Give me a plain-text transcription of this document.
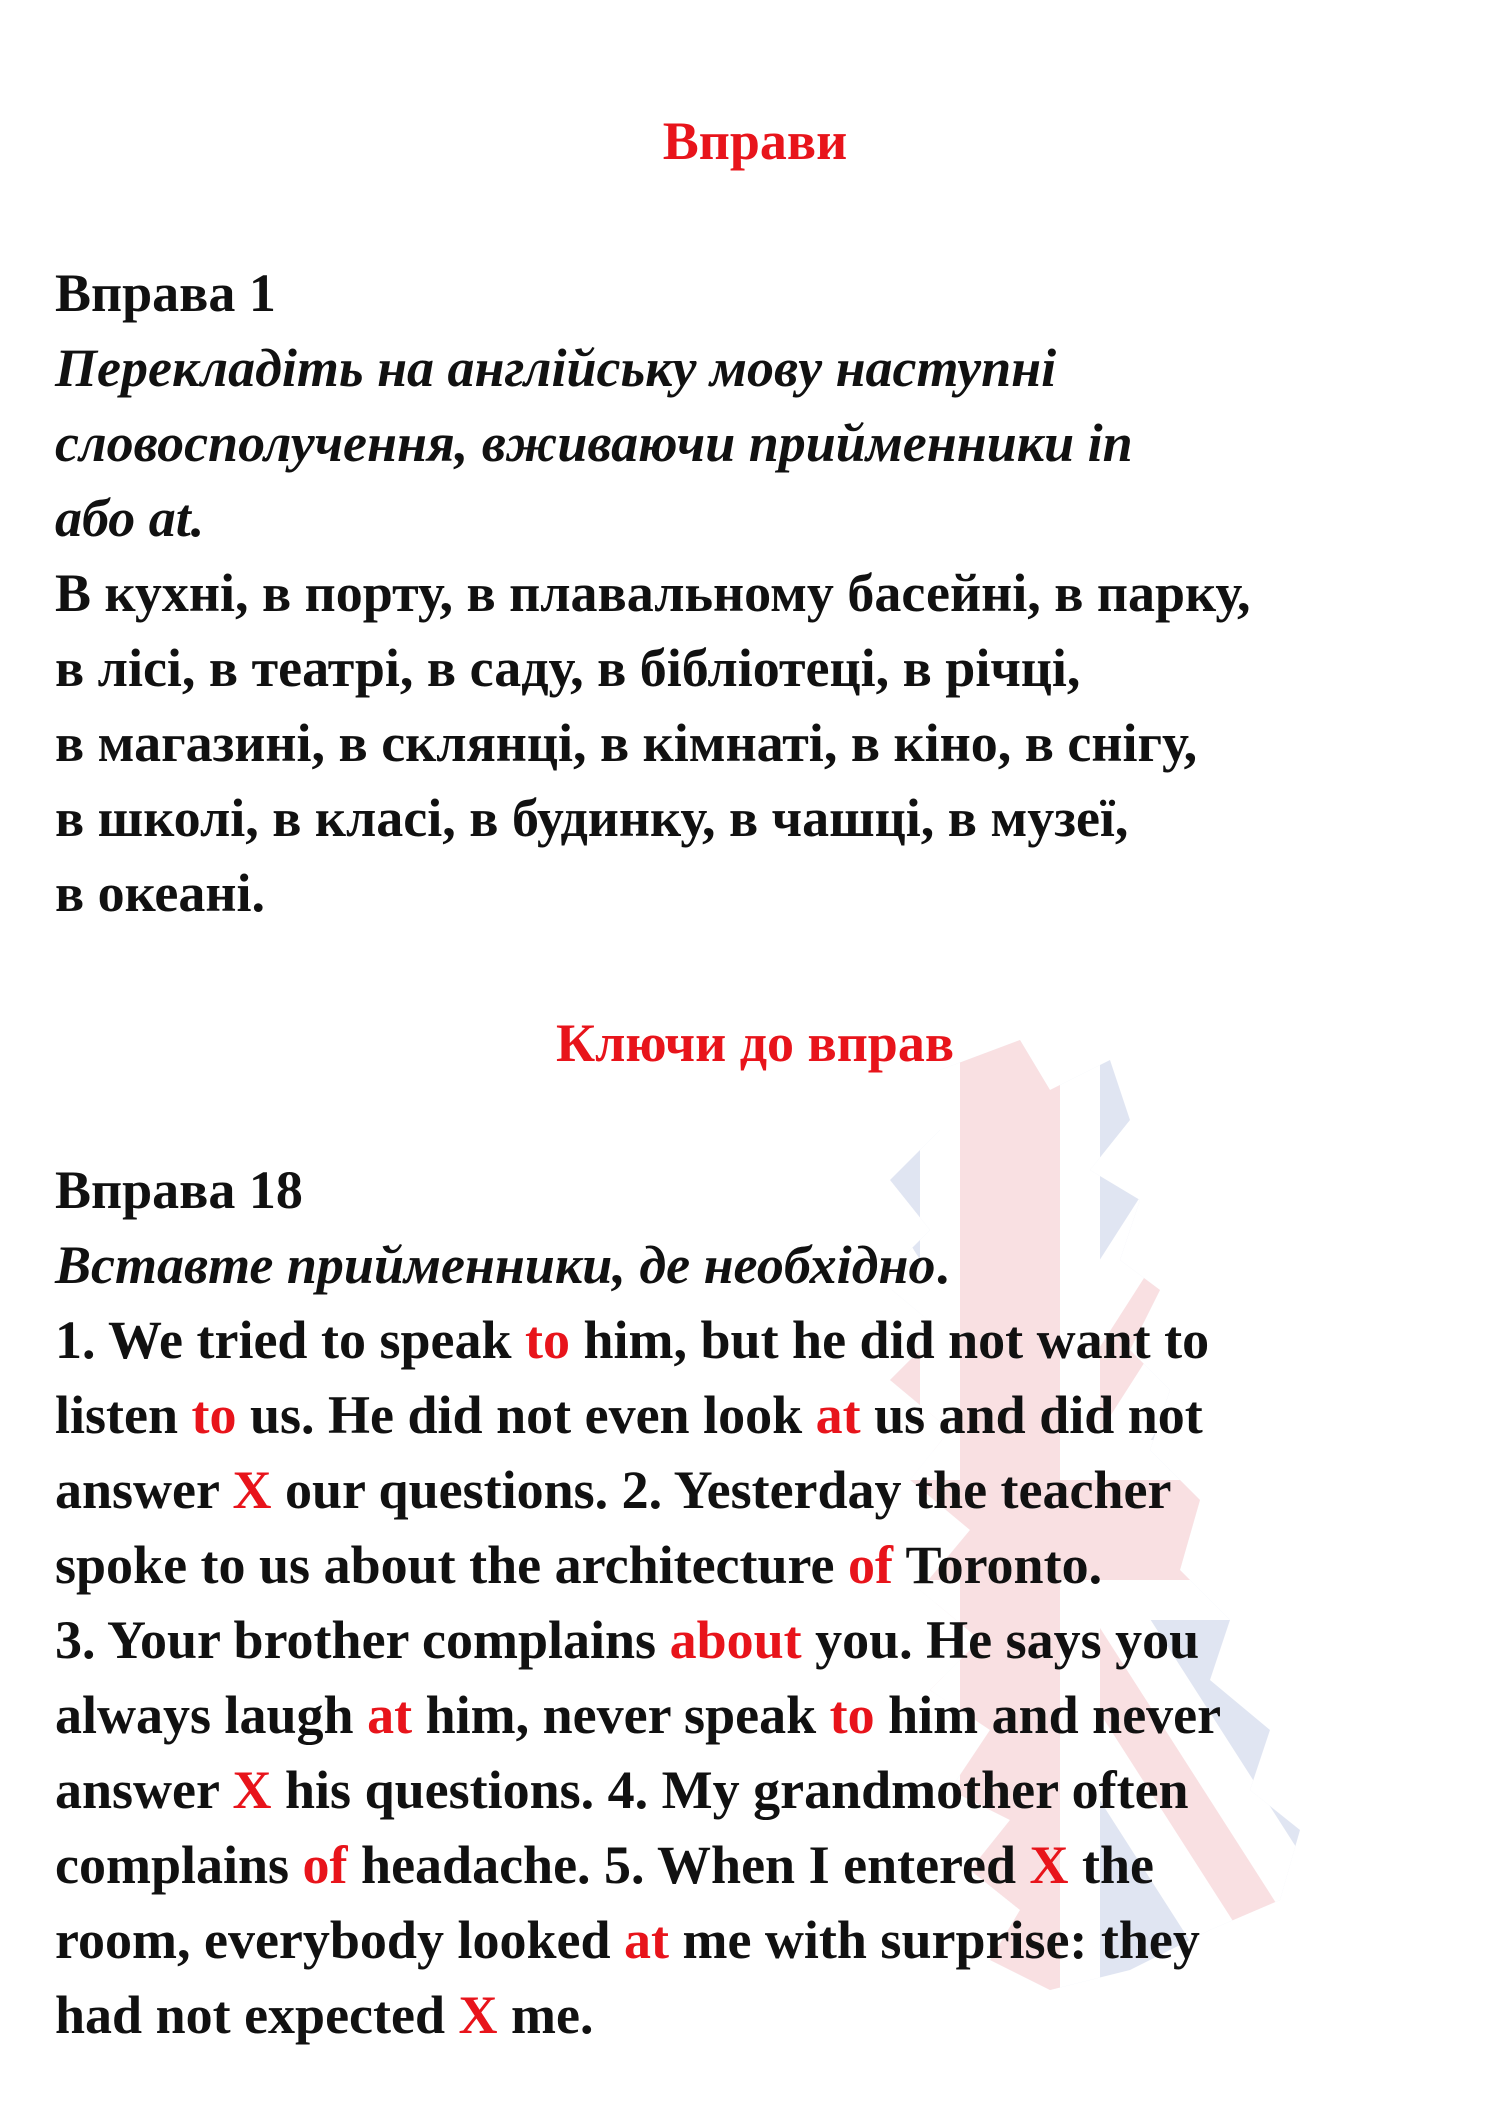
Вправи
Вправа 1
Перекладіть на англійську мову наступні
словосполучення, вживаючи прийменники in
або at.
В кухні, в порту, в плавальному басейні, в парку,
в лісі, в театрі, в саду, в бібліотеці, в річці,
в магазині, в склянці, в кімнаті, в кіно, в снігу,
в школі, в класі, в будинку, в чашці, в музеї,
в океані.
Ключи до вправ
Вправа 18
Вставте прийменники, де необхідно.
1. We tried to speak to him, but he did not want to
listen to us. He did not even look at us and did not
answer X our questions. 2. Yesterday the teacher
spoke to us about the architecture of Toronto.
3. Your brother complains about you. He says you
always laugh at him, never speak to him and never
answer X his questions. 4. My grandmother often
complains of headache. 5. When I entered X the
room, everybody looked at me with surprise: they
had not expected X me.
